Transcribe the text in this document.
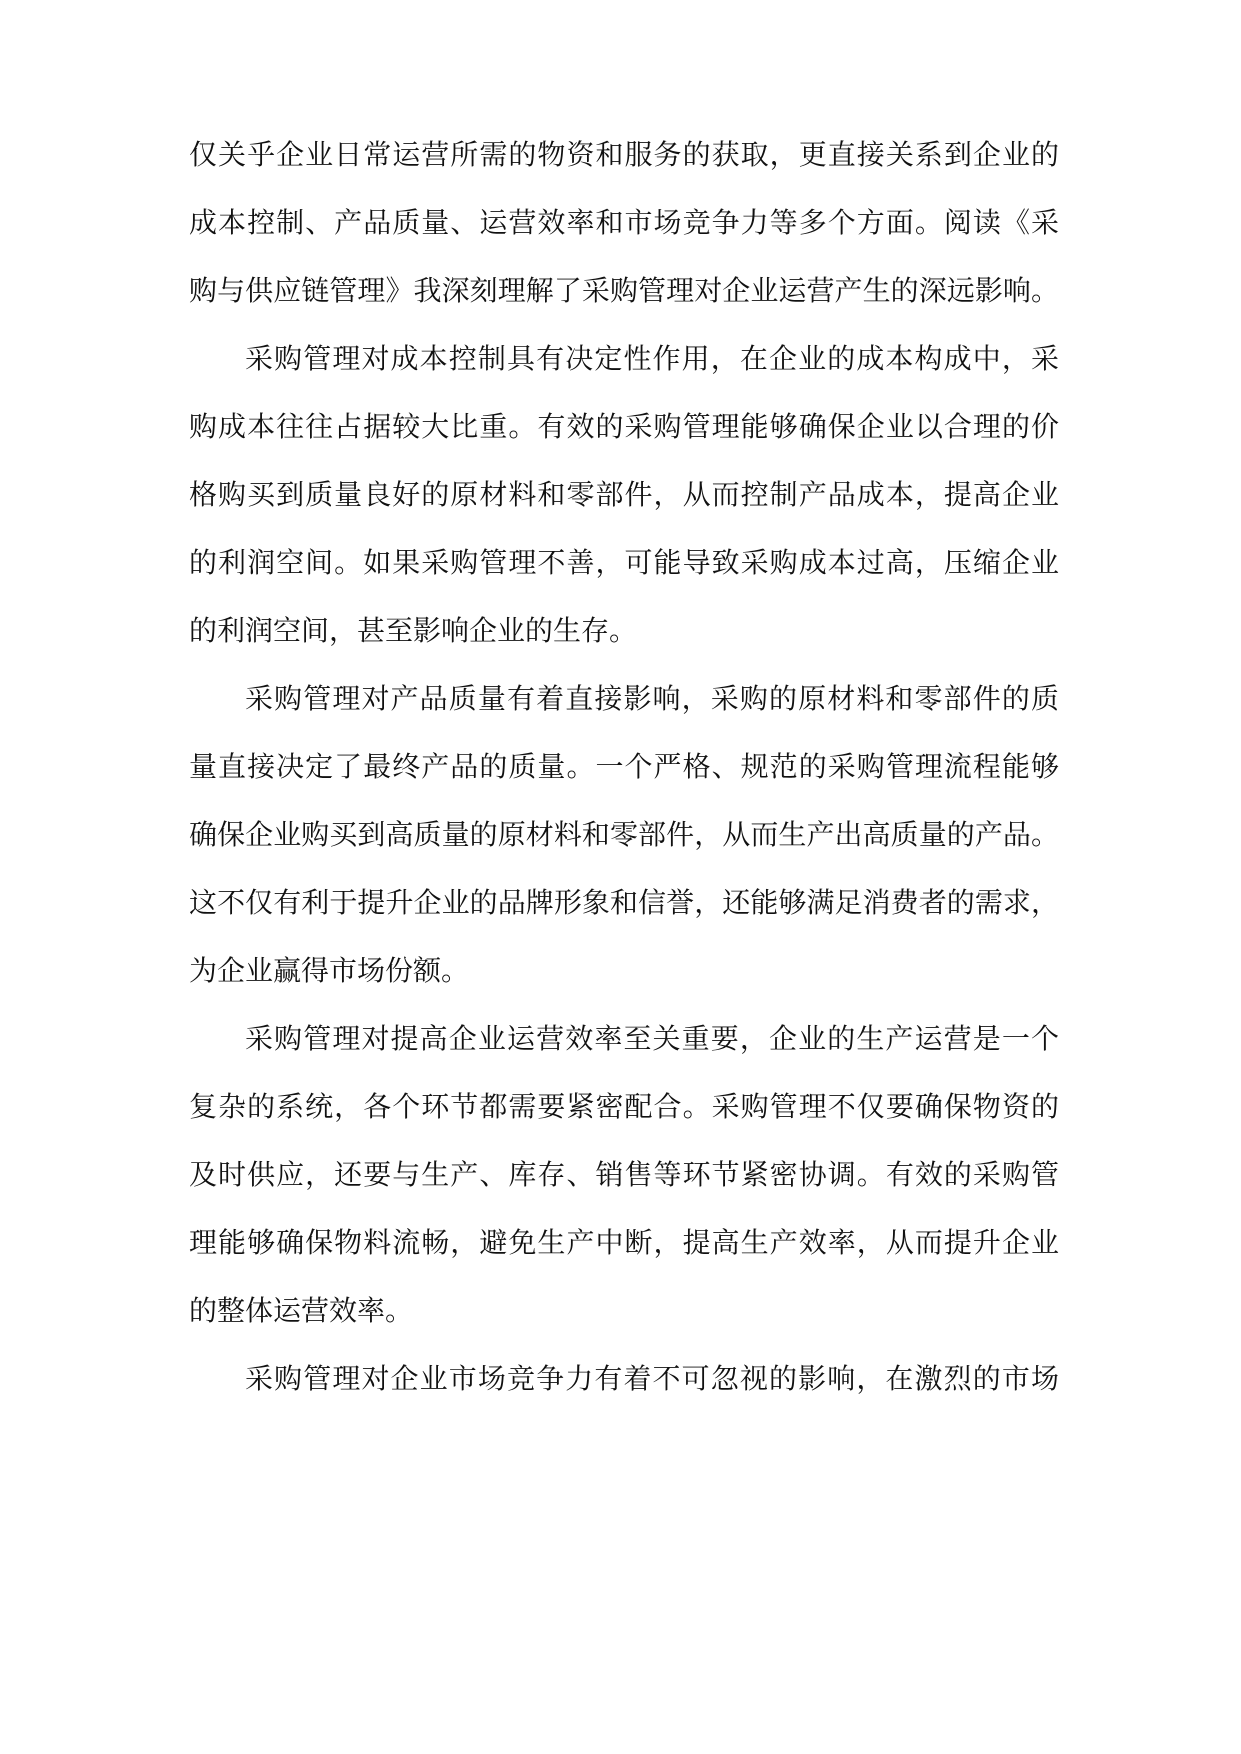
仅关乎企业日常运营所需的物资和服务的获取，更直接关系到企业的
成本控制、产品质量、运营效率和市场竞争力等多个方面。阅读《采
购与供应链管理》我深刻理解了采购管理对企业运营产生的深远影响。
采购管理对成本控制具有决定性作用，在企业的成本构成中，采
购成本往往占据较大比重。有效的采购管理能够确保企业以合理的价
格购买到质量良好的原材料和零部件，从而控制产品成本，提高企业
的利润空间。如果采购管理不善，可能导致采购成本过高，压缩企业
的利润空间，甚至影响企业的生存。
采购管理对产品质量有着直接影响，采购的原材料和零部件的质
量直接决定了最终产品的质量。一个严格、规范的采购管理流程能够
确保企业购买到高质量的原材料和零部件，从而生产出高质量的产品。
这不仅有利于提升企业的品牌形象和信誉，还能够满足消费者的需求，
为企业赢得市场份额。
采购管理对提高企业运营效率至关重要，企业的生产运营是一个
复杂的系统，各个环节都需要紧密配合。采购管理不仅要确保物资的
及时供应，还要与生产、库存、销售等环节紧密协调。有效的采购管
理能够确保物料流畅，避免生产中断，提高生产效率，从而提升企业
的整体运营效率。
采购管理对企业市场竞争力有着不可忽视的影响，在激烈的市场
